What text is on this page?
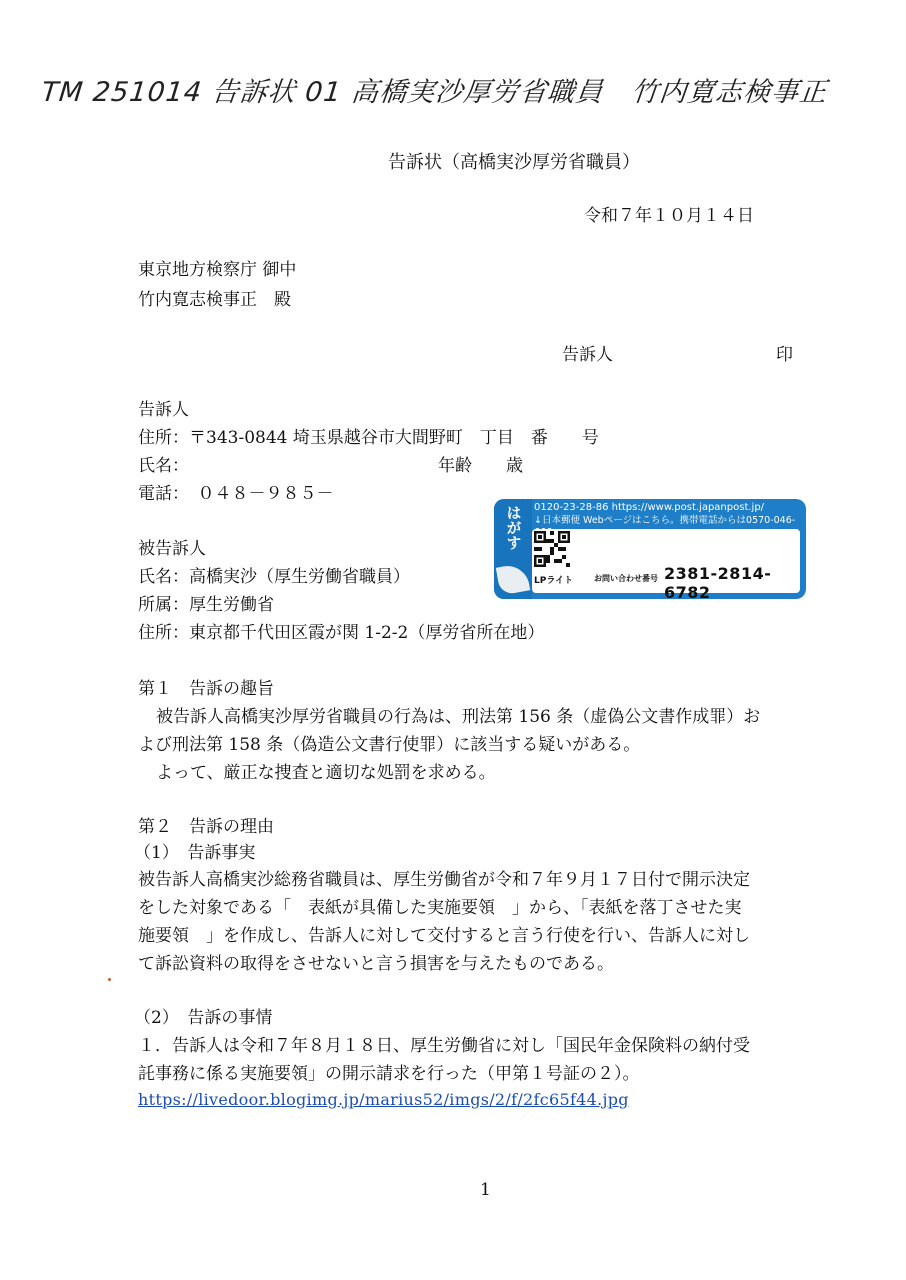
TM 251014 告訴状 01 高橋実沙厚労省職員　竹内寛志検事正
告訴状（高橋実沙厚労省職員）
令和７年１０月１４日
東京地方検察庁 御中
竹内寛志検事正　殿
告訴人	印
告訴人
住所：〒343-0844 埼玉県越谷市大間野町　丁目　番　　号
氏名：	年齢　　歳
電話：　０４８－９８５－
被告訴人
氏名：高橋実沙（厚生労働省職員）
所属：厚生労働省
住所：東京都千代田区霞が関 1-2-2（厚労省所在地）
第１　告訴の趣旨
被告訴人高橋実沙厚労省職員の行為は、刑法第 156 条（虚偽公文書作成罪）お
よび刑法第 158 条（偽造公文書行使罪）に該当する疑いがある。
よって、厳正な捜査と適切な処罰を求める。
第２　告訴の理由
（1）　告訴事実
被告訴人高橋実沙総務省職員は、厚生労働省が令和７年９月１７日付で開示決定
をした対象である「　表紙が具備した実施要領　」から、「表紙を落丁させた実
施要領　」を作成し、告訴人に対して交付すると言う行使を行い、告訴人に対し
て訴訟資料の取得をさせないと言う損害を与えたものである。
（2）　告訴の事情
１．告訴人は令和７年８月１８日、厚生労働省に対し「国民年金保険料の納付受
託事務に係る実施要領」の開示請求を行った（甲第１号証の２）。
https://livedoor.blogimg.jp/marius52/imgs/2/f/2fc65f44.jpg
1
はがす 0120-23-28-86 https://www.post.japanpost.jp/
↓日本郵便 Webページはこちら。携帯電話からは0570-046-
LPライト	お問い合わせ番号 2381-2814-6782
